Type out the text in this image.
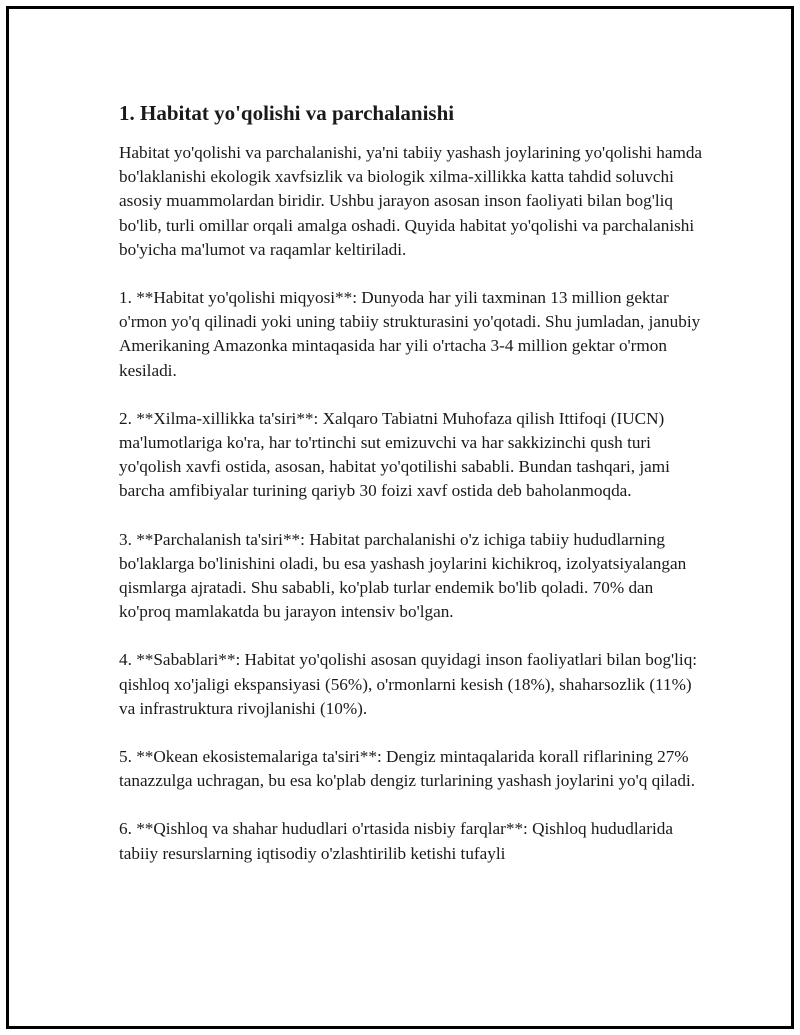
1. Habitat yo'qolishi va parchalanishi

Habitat yo'qolishi va parchalanishi, ya'ni tabiiy yashash joylarining yo'qolishi hamda bo'laklanishi ekologik xavfsizlik va biologik xilma-xillikka katta tahdid soluvchi asosiy muammolardan biridir. Ushbu jarayon asosan inson faoliyati bilan bog'liq bo'lib, turli omillar orqali amalga oshadi. Quyida habitat yo'qolishi va parchalanishi bo'yicha ma'lumot va raqamlar keltiriladi.

1. **Habitat yo'qolishi miqyosi**: Dunyoda har yili taxminan 13 million gektar o'rmon yo'q qilinadi yoki uning tabiiy strukturasini yo'qotadi. Shu jumladan, janubiy Amerikaning Amazonka mintaqasida har yili o'rtacha 3-4 million gektar o'rmon kesiladi.

2. **Xilma-xillikka ta'siri**: Xalqaro Tabiatni Muhofaza qilish Ittifoqi (IUCN) ma'lumotlariga ko'ra, har to'rtinchi sut emizuvchi va har sakkizinchi qush turi yo'qolish xavfi ostida, asosan, habitat yo'qotilishi sababli. Bundan tashqari, jami barcha amfibiyalar turining qariyb 30 foizi xavf ostida deb baholanmoqda.

3. **Parchalanish ta'siri**: Habitat parchalanishi o'z ichiga tabiiy hududlarning bo'laklarga bo'linishini oladi, bu esa yashash joylarini kichikroq, izolyatsiyalangan qismlarga ajratadi. Shu sababli, ko'plab turlar endemik bo'lib qoladi. 70% dan ko'proq mamlakatda bu jarayon intensiv bo'lgan.

4. **Sabablari**: Habitat yo'qolishi asosan quyidagi inson faoliyatlari bilan bog'liq: qishloq xo'jaligi ekspansiyasi (56%), o'rmonlarni kesish (18%), shaharsozlik (11%) va infrastruktura rivojlanishi (10%).

5. **Okean ekosistemalariga ta'siri**: Dengiz mintaqalarida korall riflarining 27% tanazzulga uchragan, bu esa ko'plab dengiz turlarining yashash joylarini yo'q qiladi.

6. **Qishloq va shahar hududlari o'rtasida nisbiy farqlar**: Qishloq hududlarida tabiiy resurslarning iqtisodiy o'zlashtirilib ketishi tufayli
